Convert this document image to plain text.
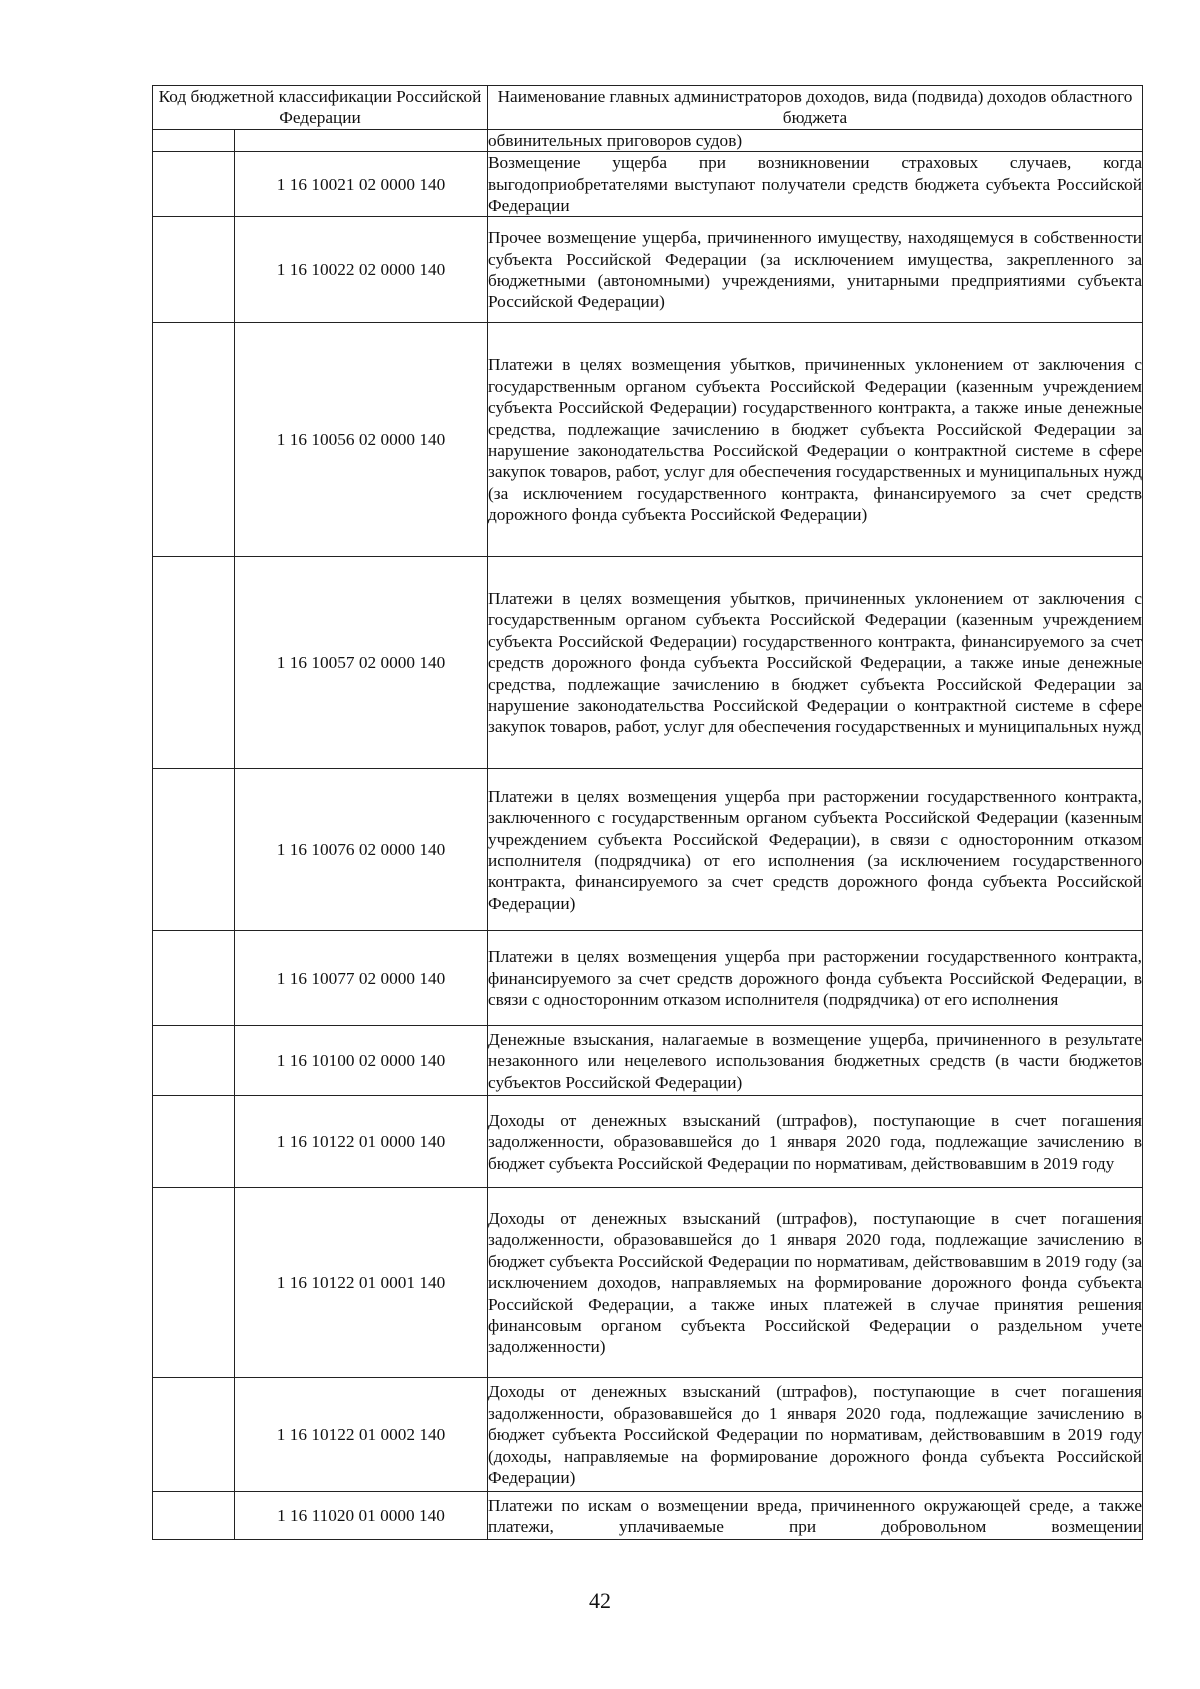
Код бюджетной классификации Российской Федерации		Наименование главных администраторов доходов, вида (подвида) доходов областного бюджета
		обвинительных приговоров судов)
	1 16 10021 02 0000 140	Возмещение ущерба при возникновении страховых случаев, когда выгодоприобретателями выступают получатели средств бюджета субъекта Российской Федерации
	1 16 10022 02 0000 140	Прочее возмещение ущерба, причиненного имуществу, находящемуся в собственности субъекта Российской Федерации (за исключением имущества, закрепленного за бюджетными (автономными) учреждениями, унитарными предприятиями субъекта Российской Федерации)
	1 16 10056 02 0000 140	Платежи в целях возмещения убытков, причиненных уклонением от заключения с государственным органом субъекта Российской Федерации (казенным учреждением субъекта Российской Федерации) государственного контракта, а также иные денежные средства, подлежащие зачислению в бюджет субъекта Российской Федерации за нарушение законодательства Российской Федерации о контрактной системе в сфере закупок товаров, работ, услуг для обеспечения государственных и муниципальных нужд (за исключением государственного контракта, финансируемого за счет средств дорожного фонда субъекта Российской Федерации)
	1 16 10057 02 0000 140	Платежи в целях возмещения убытков, причиненных уклонением от заключения с государственным органом субъекта Российской Федерации (казенным учреждением субъекта Российской Федерации) государственного контракта, финансируемого за счет средств дорожного фонда субъекта Российской Федерации, а также иные денежные средства, подлежащие зачислению в бюджет субъекта Российской Федерации за нарушение законодательства Российской Федерации о контрактной системе в сфере закупок товаров, работ, услуг для обеспечения государственных и муниципальных нужд
	1 16 10076 02 0000 140	Платежи в целях возмещения ущерба при расторжении государственного контракта, заключенного с государственным органом субъекта Российской Федерации (казенным учреждением субъекта Российской Федерации), в связи с односторонним отказом исполнителя (подрядчика) от его исполнения (за исключением государственного контракта, финансируемого за счет средств дорожного фонда субъекта Российской Федерации)
	1 16 10077 02 0000 140	Платежи в целях возмещения ущерба при расторжении государственного контракта, финансируемого за счет средств дорожного фонда субъекта Российской Федерации, в связи с односторонним отказом исполнителя (подрядчика) от его исполнения
	1 16 10100 02 0000 140	Денежные взыскания, налагаемые в возмещение ущерба, причиненного в результате незаконного или нецелевого использования бюджетных средств (в части бюджетов субъектов Российской Федерации)
	1 16 10122 01 0000 140	Доходы от денежных взысканий (штрафов), поступающие в счет погашения задолженности, образовавшейся до 1 января 2020 года, подлежащие зачислению в бюджет субъекта Российской Федерации по нормативам, действовавшим в 2019 году
	1 16 10122 01 0001 140	Доходы от денежных взысканий (штрафов), поступающие в счет погашения задолженности, образовавшейся до 1 января 2020 года, подлежащие зачислению в бюджет субъекта Российской Федерации по нормативам, действовавшим в 2019 году (за исключением доходов, направляемых на формирование дорожного фонда субъекта Российской Федерации, а также иных платежей в случае принятия решения финансовым органом субъекта Российской Федерации о раздельном учете задолженности)
	1 16 10122 01 0002 140	Доходы от денежных взысканий (штрафов), поступающие в счет погашения задолженности, образовавшейся до 1 января 2020 года, подлежащие зачислению в бюджет субъекта Российской Федерации по нормативам, действовавшим в 2019 году (доходы, направляемые на формирование дорожного фонда субъекта Российской Федерации)
	1 16 11020 01 0000 140	Платежи по искам о возмещении вреда, причиненного окружающей среде, а также платежи, уплачиваемые при добровольном возмещении
42
